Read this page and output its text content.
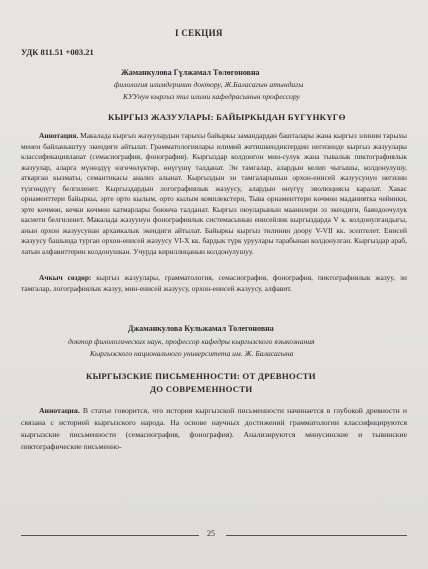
I СЕКЦИЯ
УДК 811.51 +003.21
Жаманкулова Гүлжамал Төлөгоновна
филология илимдеринин доктору, Ж.Баласагын атындагы
КУУнун кыргыз тил илими кафедрасынын профессору
КЫРГЫЗ ЖАЗУУЛАРЫ: БАЙЫРКЫДАН БҮГҮНКҮГӨ
Аннотация. Макалада кыргыз жазуулардын тарыхы байыркы замандардан башталары жана кыргыз элинин тарыхы менен байланыштуу экендиги айтылат. Грамматологиялары илимий жетишкендиктердин негизинде кыргыз жазуулары классификацияланат (семасиография, фонография). Кыргыздар колдонгон мин-сулук жана тывалык пиктографиялык жазуулар, аларга мүнөздүү өзгөчөлүктөр, өнүгүшү талданат. Эн тамгалар, алардын келип чыгышы, колдонулушу, аткарган кызматы, семантикасы анализ алынат. Кыргыздын эн тамгаларынын орхон-енисей жазуусунун негизин түзгөндүгү белгиленет. Кыргыздардын логографиялык жазуусу, алардын өнүгүү эволюциясы каралат. Хакас орнаменттери байыркы, эрте орто кылым, орто кылым комплекстери, Тыва орнаменттери көчмөн маданиятка чейинки, эрте көчмөн, кечки көчмөн катмарлары боюнча талданат. Кыргыз оюуларынын маанилери эз экендиги, баяндоочулук касиети белгиленет. Макалада жазуунун фонографиялык системасынын енисейлик кыргыздарда V к. колдонулгандыгы, анын орхон жазуусунан архаикалык экендиги айтылат. Байыркы кыргыз тилинин доору V-VII кк. эсептелет. Енисей жазуусу башында турган орхон-енисей жазуусу VI-X кк. бардык түрк уруулары тарабынан колдонулган. Кыргыздар араб, латын алфавиттерин колдонушкан. Учурда кириллицанын колдонулушуу.
Ачкыч сөздөр: кыргыз жазуулары, грамматология, семасиография, фонография, пиктографиялык жазуу, эн тамгалар, логографиялык жазуу, мин-енисей жазуусу, орхон-енисей жазуусу, алфавит.
Джаманкулова Кульжамал Толегоновна
доктор филологических наук, профессор кафедры кыргызского языкознания
Кыргызского национального университета им. Ж. Баласагына
КЫРГЫЗСКИЕ ПИСЬМЕННОСТИ: ОТ ДРЕВНОСТИ
ДО СОВРЕМЕННОСТИ
Аннотация. В статье говорится, что история кыргызской письменности начинается в глубокой древности и связана с историей кыргызского народа. На основе научных достижений грамматологии классифицируются кыргызские письменности (семасиография, фонография). Анализируются минусинские и тывинские пиктографические письменно-
25
